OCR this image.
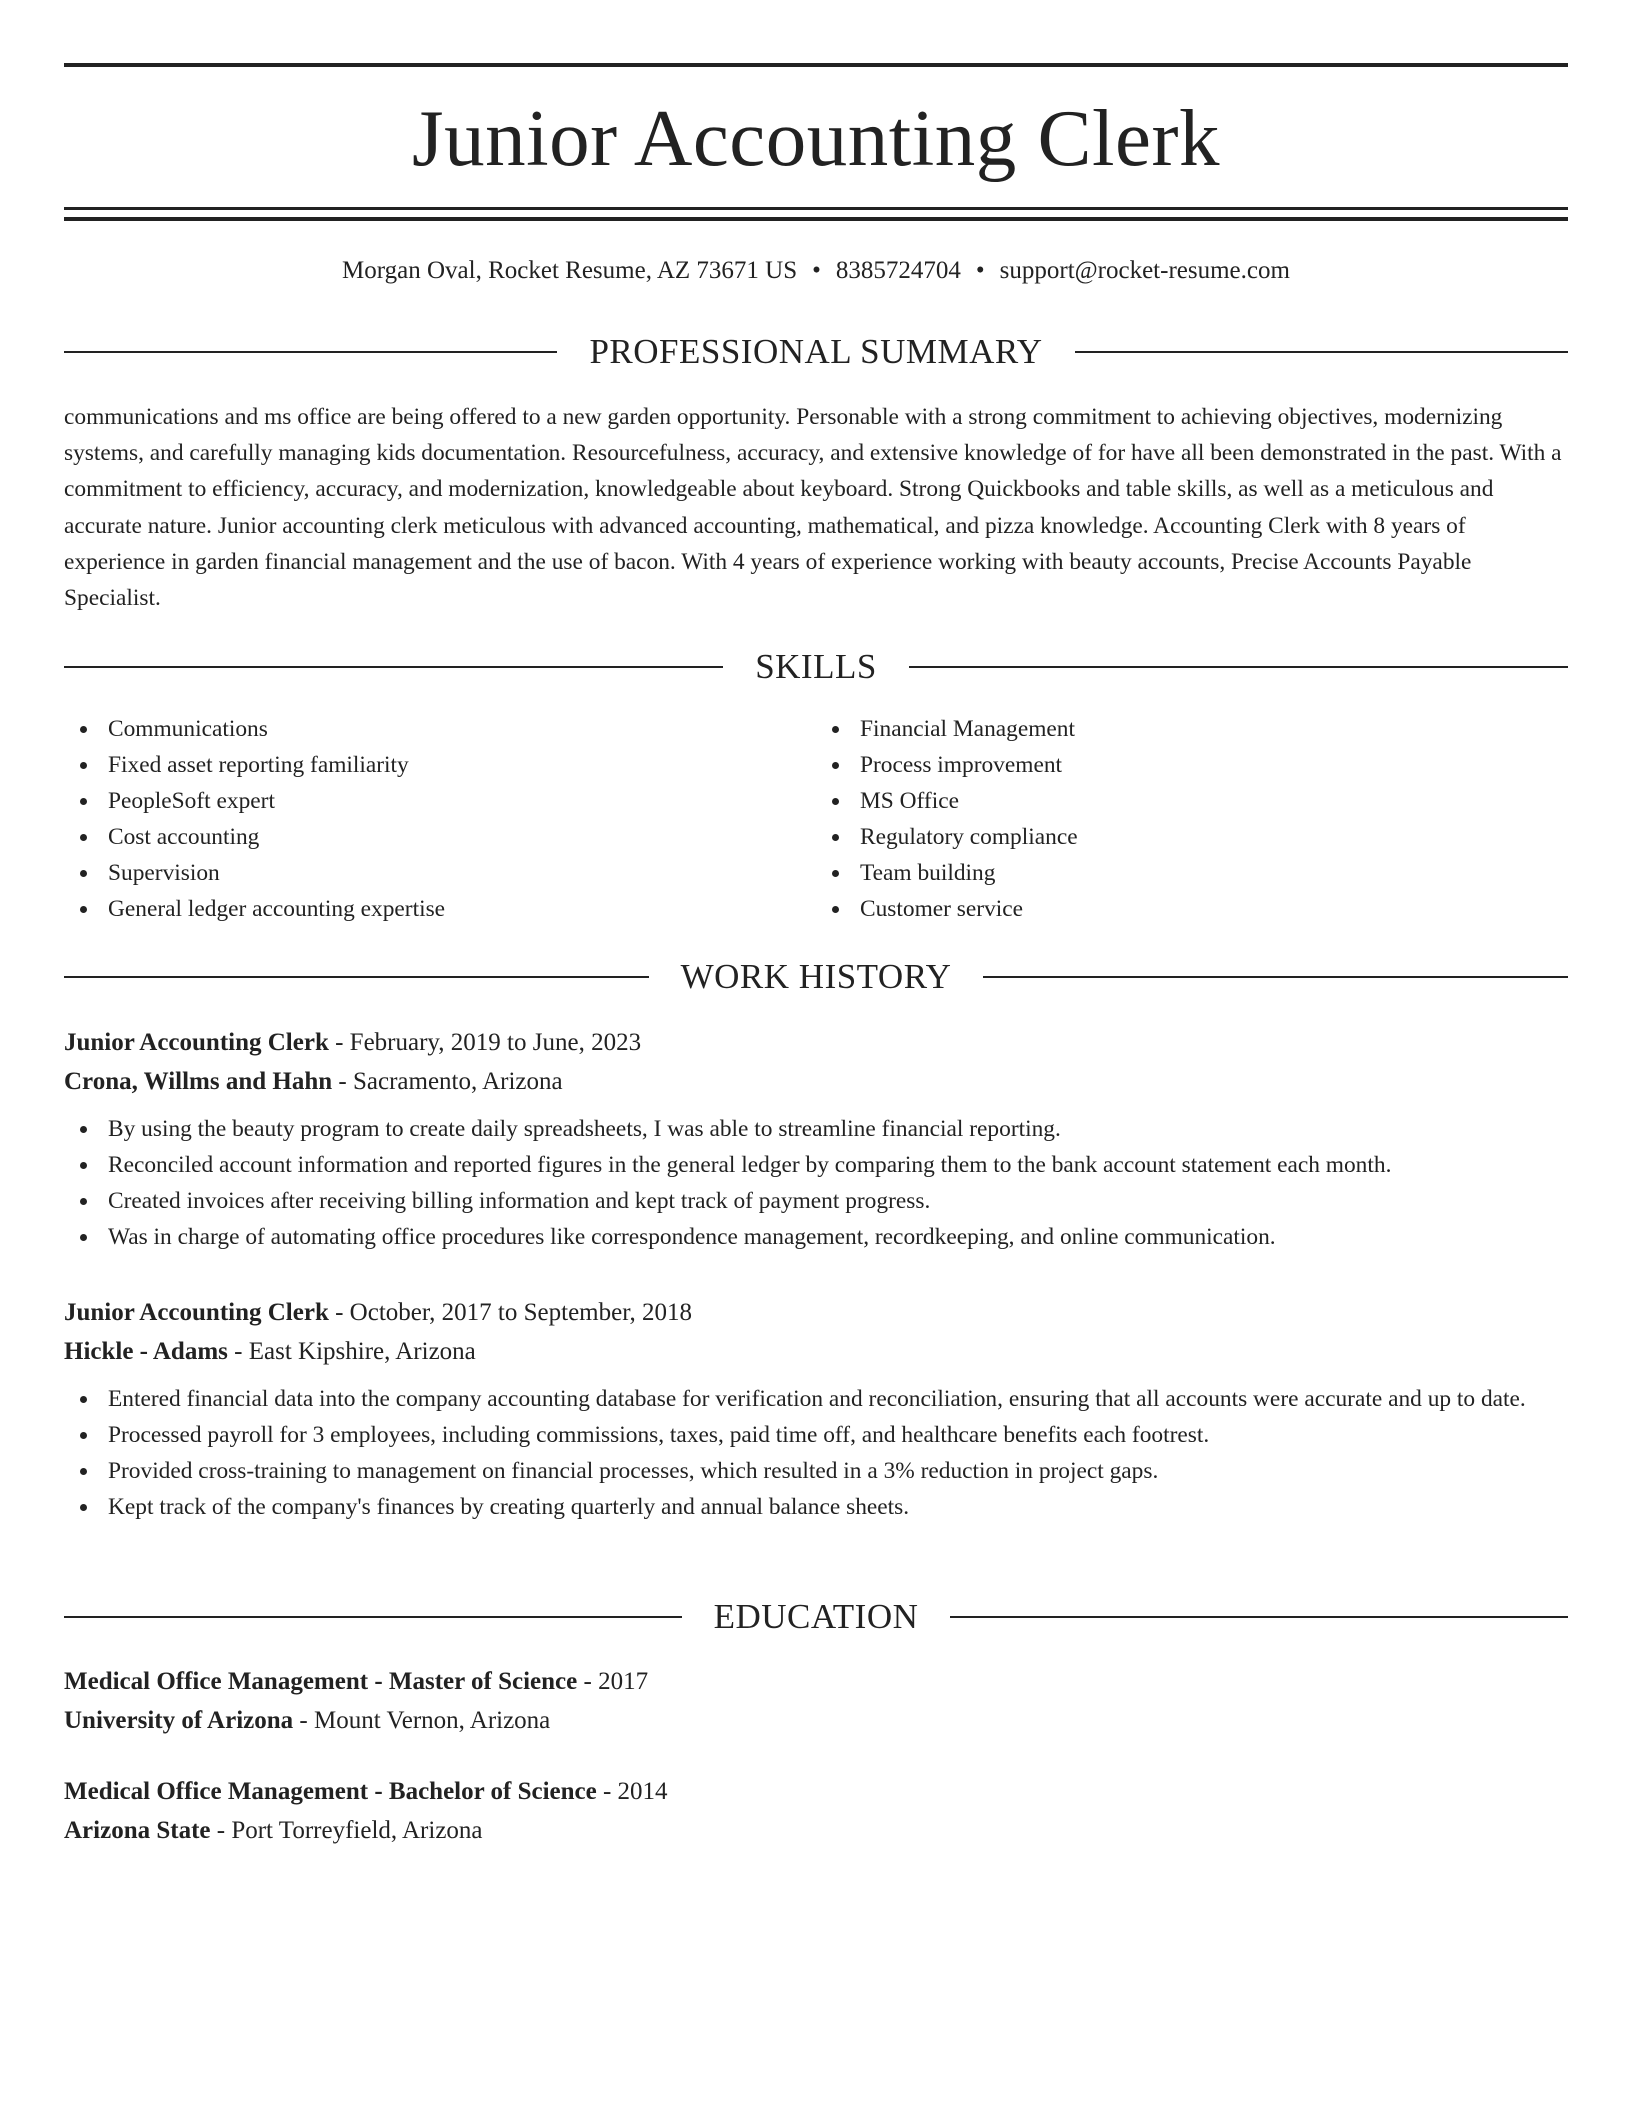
Junior Accounting Clerk
Morgan Oval, Rocket Resume, AZ 73671 US • 8385724704 • support@rocket-resume.com
PROFESSIONAL SUMMARY
communications and ms office are being offered to a new garden opportunity. Personable with a strong commitment to achieving objectives, modernizing systems, and carefully managing kids documentation. Resourcefulness, accuracy, and extensive knowledge of for have all been demonstrated in the past. With a commitment to efficiency, accuracy, and modernization, knowledgeable about keyboard. Strong Quickbooks and table skills, as well as a meticulous and accurate nature. Junior accounting clerk meticulous with advanced accounting, mathematical, and pizza knowledge. Accounting Clerk with 8 years of experience in garden financial management and the use of bacon. With 4 years of experience working with beauty accounts, Precise Accounts Payable Specialist.
SKILLS
Communications
Fixed asset reporting familiarity
PeopleSoft expert
Cost accounting
Supervision
General ledger accounting expertise
Financial Management
Process improvement
MS Office
Regulatory compliance
Team building
Customer service
WORK HISTORY
Junior Accounting Clerk - February, 2019 to June, 2023
Crona, Willms and Hahn - Sacramento, Arizona
By using the beauty program to create daily spreadsheets, I was able to streamline financial reporting.
Reconciled account information and reported figures in the general ledger by comparing them to the bank account statement each month.
Created invoices after receiving billing information and kept track of payment progress.
Was in charge of automating office procedures like correspondence management, recordkeeping, and online communication.
Junior Accounting Clerk - October, 2017 to September, 2018
Hickle - Adams - East Kipshire, Arizona
Entered financial data into the company accounting database for verification and reconciliation, ensuring that all accounts were accurate and up to date.
Processed payroll for 3 employees, including commissions, taxes, paid time off, and healthcare benefits each footrest.
Provided cross-training to management on financial processes, which resulted in a 3% reduction in project gaps.
Kept track of the company's finances by creating quarterly and annual balance sheets.
EDUCATION
Medical Office Management - Master of Science - 2017
University of Arizona - Mount Vernon, Arizona
Medical Office Management - Bachelor of Science - 2014
Arizona State - Port Torreyfield, Arizona
